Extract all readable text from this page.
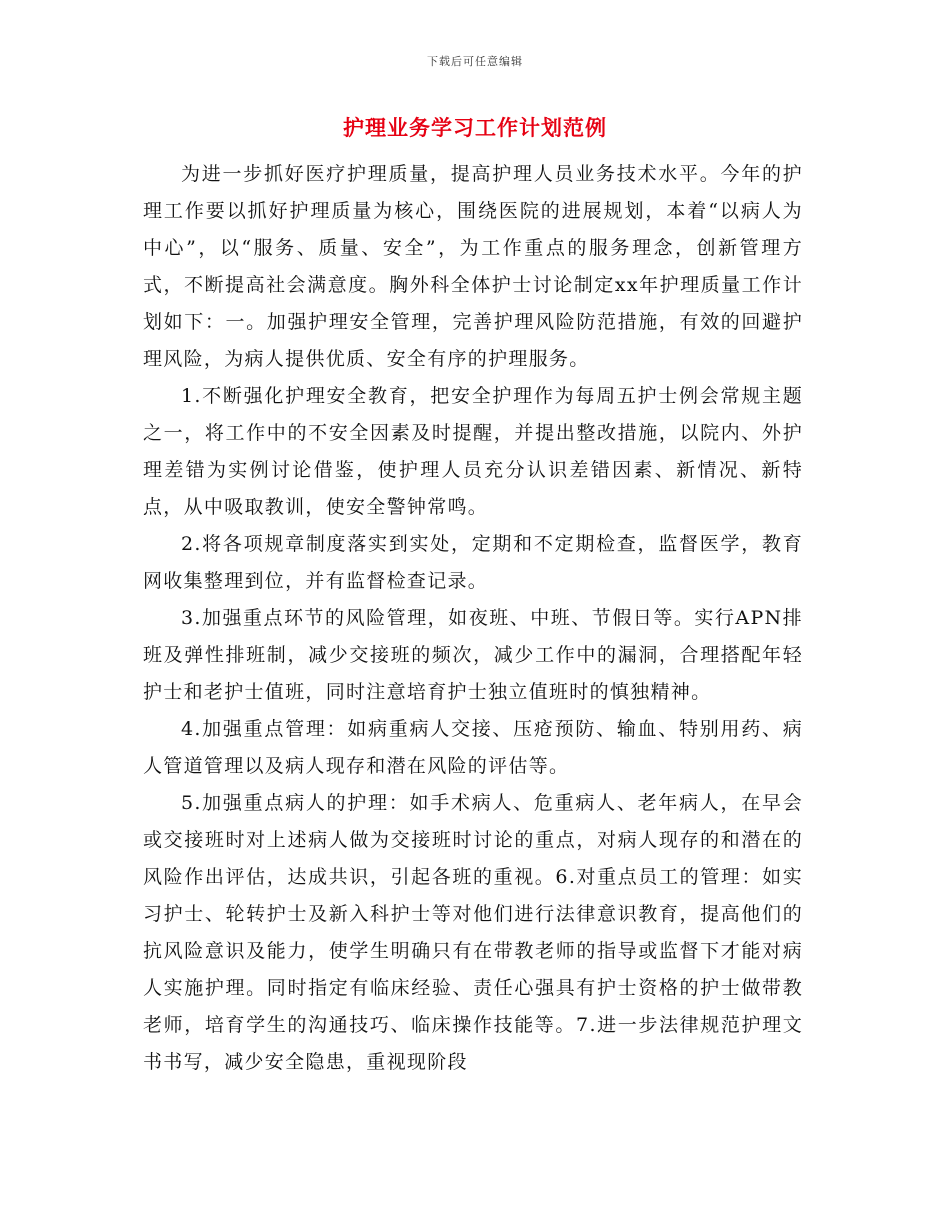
下载后可任意编辑
护理业务学习工作计划范例

为进一步抓好医疗护理质量，提高护理人员业务技术水平。今年的护理工作要以抓好护理质量为核心，围绕医院的进展规划，本着“以病人为中心”，以“服务、质量、安全”，为工作重点的服务理念，创新管理方式，不断提高社会满意度。胸外科全体护士讨论制定xx年护理质量工作计划如下：一。加强护理安全管理，完善护理风险防范措施，有效的回避护理风险，为病人提供优质、安全有序的护理服务。

1.不断强化护理安全教育，把安全护理作为每周五护士例会常规主题之一，将工作中的不安全因素及时提醒，并提出整改措施，以院内、外护理差错为实例讨论借鉴，使护理人员充分认识差错因素、新情况、新特点，从中吸取教训，使安全警钟常鸣。

2.将各项规章制度落实到实处，定期和不定期检查，监督医学，教育网收集整理到位，并有监督检查记录。

3.加强重点环节的风险管理，如夜班、中班、节假日等。实行APN排班及弹性排班制，减少交接班的频次，减少工作中的漏洞，合理搭配年轻护士和老护士值班，同时注意培育护士独立值班时的慎独精神。

4.加强重点管理：如病重病人交接、压疮预防、输血、特别用药、病人管道管理以及病人现存和潜在风险的评估等。

5.加强重点病人的护理：如手术病人、危重病人、老年病人，在早会或交接班时对上述病人做为交接班时讨论的重点，对病人现存的和潜在的风险作出评估，达成共识，引起各班的重视。6.对重点员工的管理：如实习护士、轮转护士及新入科护士等对他们进行法律意识教育，提高他们的抗风险意识及能力，使学生明确只有在带教老师的指导或监督下才能对病人实施护理。同时指定有临床经验、责任心强具有护士资格的护士做带教老师，培育学生的沟通技巧、临床操作技能等。7.进一步法律规范护理文书书写，减少安全隐患，重视现阶段
